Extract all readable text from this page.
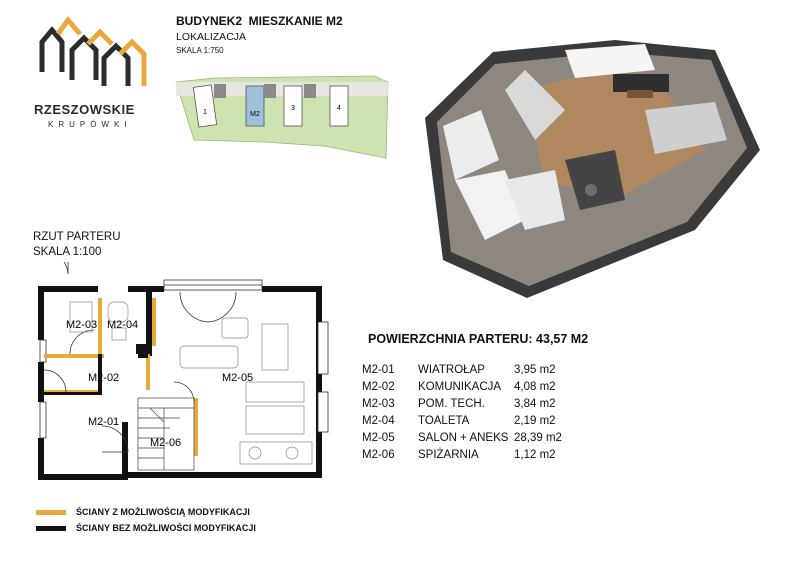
RZESZOWSKIE
KRUPÓWKI
BUDYNEK2  MIESZKANIE M2
LOKALIZACJA
SKALA 1:750
1	M2
3	4
RZUT PARTERU
SKALA 1:100
M2-03 M2-04
M2-02	M2-05
M2-01
M2-06
POWIERZCHNIA PARTERU: 43,57 M2
M2-01	WIATROŁAP	3,95 m2
M2-02	KOMUNIKACJA	4,08 m2
M2-03	POM. TECH.	3,84 m2
M2-04	TOALETA	2,19 m2
M2-05	SALON + ANEKS	28,39 m2
M2-06	SPIŻARNIA	1,12 m2
ŚCIANY Z MOŻLIWOŚCIĄ MODYFIKACJI
ŚCIANY BEZ MOŻLIWOŚCI MODYFIKACJI
